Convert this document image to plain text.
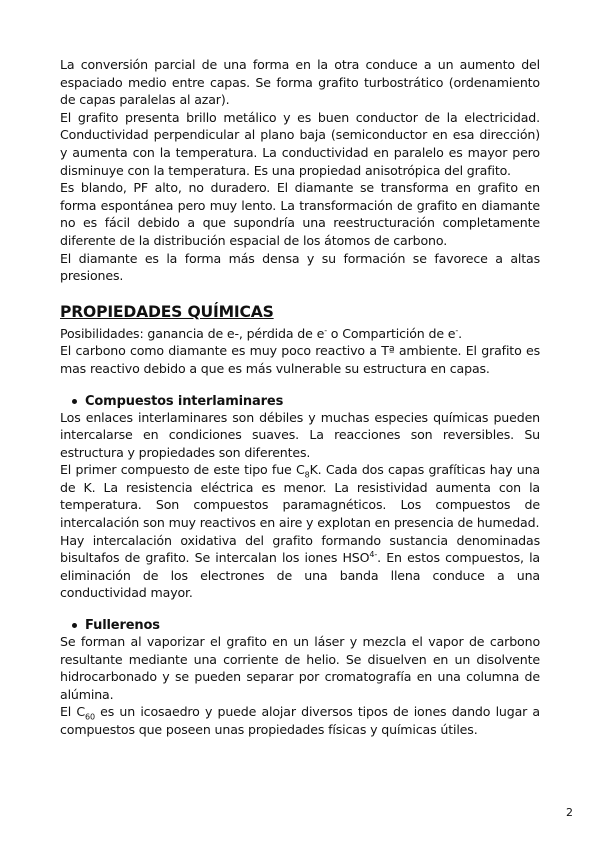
La conversión parcial de una forma en la otra conduce a un aumento del espaciado medio entre capas. Se forma grafito turbostrático (ordenamiento de capas paralelas al azar).

El grafito presenta brillo metálico y es buen conductor de la electricidad. Conductividad perpendicular al plano baja (semiconductor en esa dirección) y aumenta con la temperatura. La conductividad en paralelo es mayor pero disminuye con la temperatura. Es una propiedad anisotrópica del grafito.

Es blando, PF alto, no duradero. El diamante se transforma en grafito en forma espontánea pero muy lento. La transformación de grafito en diamante no es fácil debido a que supondría una reestructuración completamente diferente de la distribución espacial de los átomos de carbono.

El diamante es la forma más densa y su formación se favorece a altas presiones.

PROPIEDADES QUÍMICAS

Posibilidades: ganancia de e-, pérdida de e- o Compartición de e-.

El carbono como diamante es muy poco reactivo a Tª ambiente. El grafito es mas reactivo debido a que es más vulnerable su estructura en capas.

Compuestos interlaminares

Los enlaces interlaminares son débiles y muchas especies químicas pueden intercalarse en condiciones suaves. La reacciones son reversibles. Su estructura y propiedades son diferentes.

El primer compuesto de este tipo fue $C_8K$. Cada dos capas grafíticas hay una de K. La resistencia eléctrica es menor. La resistividad aumenta con la temperatura. Son compuestos paramagnéticos. Los compuestos de intercalación son muy reactivos en aire y explotan en presencia de humedad.

Hay intercalación oxidativa del grafito formando sustancia denominadas bisultafos de grafito. Se intercalan los iones $HSO^{4-}$. En estos compuestos, la eliminación de los electrones de una banda llena conduce a una conductividad mayor.

Fullerenos

Se forman al vaporizar el grafito en un láser y mezcla el vapor de carbono resultante mediante una corriente de helio. Se disuelven en un disolvente hidrocarbonado y se pueden separar por cromatografía en una columna de alúmina.

El $C_{60}$ es un icosaedro y puede alojar diversos tipos de iones dando lugar a compuestos que poseen unas propiedades físicas y químicas útiles.

2
